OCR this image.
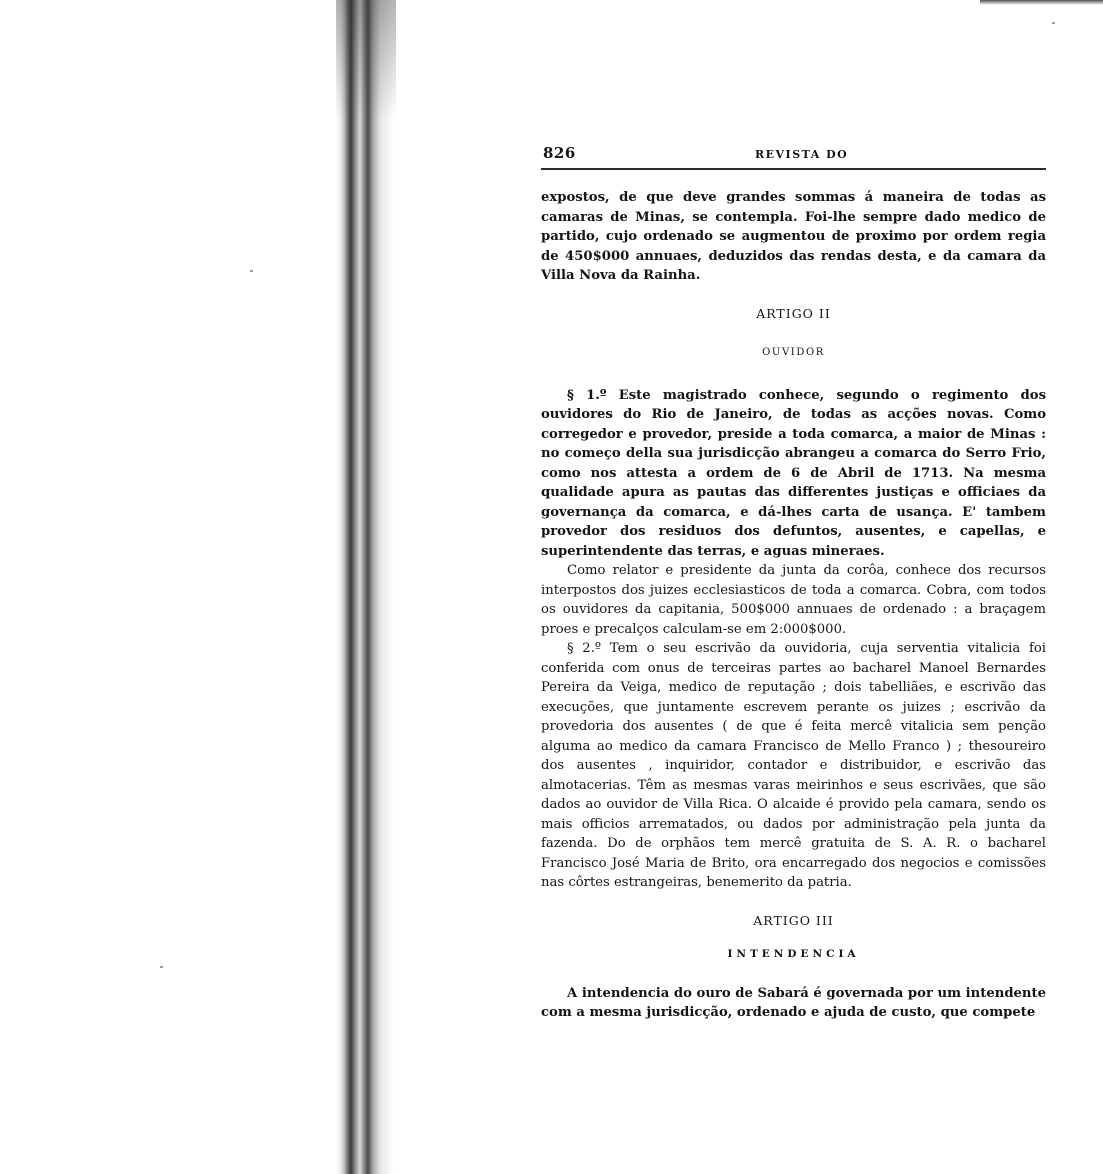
826	REVISTA DO

expostos, de que deve grandes sommas á maneira de todas as camaras de Minas, se contempla. Foi-lhe sempre dado medico de partido, cujo ordenado se augmentou de proximo por ordem regia de 450$000 annuaes, deduzidos das rendas desta, e da camara da Villa Nova da Rainha.

ARTIGO II

OUVIDOR

§ 1.º Este magistrado conhece, segundo o regimento dos ouvidores do Rio de Janeiro, de todas as acções novas. Como corregedor e provedor, preside a toda comarca, a maior de Minas : no começo della sua jurisdicção abrangeu a comarca do Serro Frio, como nos attesta a ordem de 6 de Abril de 1713. Na mesma qualidade apura as pautas das differentes justiças e officiaes da governança da comarca, e dá-lhes carta de usança. E' tambem provedor dos residuos dos defuntos, ausentes, e capellas, e superintendente das terras, e aguas mineraes.

Como relator e presidente da junta da corôa, conhece dos recursos interpostos dos juizes ecclesiasticos de toda a comarca. Cobra, com todos os ouvidores da capitania, 500$000 annuaes de ordenado : a braçagem proes e precalços calculam-se em 2:000$000.

§ 2.º Tem o seu escrivão da ouvidoria, cuja serventia vitalicia foi conferida com onus de terceiras partes ao bacharel Manoel Bernardes Pereira da Veiga, medico de reputação ; dois tabelliães, e escrivão das execuções, que juntamente escrevem perante os juizes ; escrivão da provedoria dos ausentes ( de que é feita mercê vitalicia sem penção alguma ao medico da camara Francisco de Mello Franco ) ; thesoureiro dos ausentes , inquiridor, contador e distribuidor, e escrivão das almotacerias. Têm as mesmas varas meirinhos e seus escrivães, que são dados ao ouvidor de Villa Rica. O alcaide é provido pela camara, sendo os mais officios arrematados, ou dados por administração pela junta da fazenda. Do de orphãos tem mercê gratuita de S. A. R. o bacharel Francisco José Maria de Brito, ora encarregado dos negocios e comissões nas côrtes estrangeiras, benemerito da patria.

ARTIGO III

INTENDENCIA

A intendencia do ouro de Sabará é governada por um intendente com a mesma jurisdicção, ordenado e ajuda de custo, que compete
